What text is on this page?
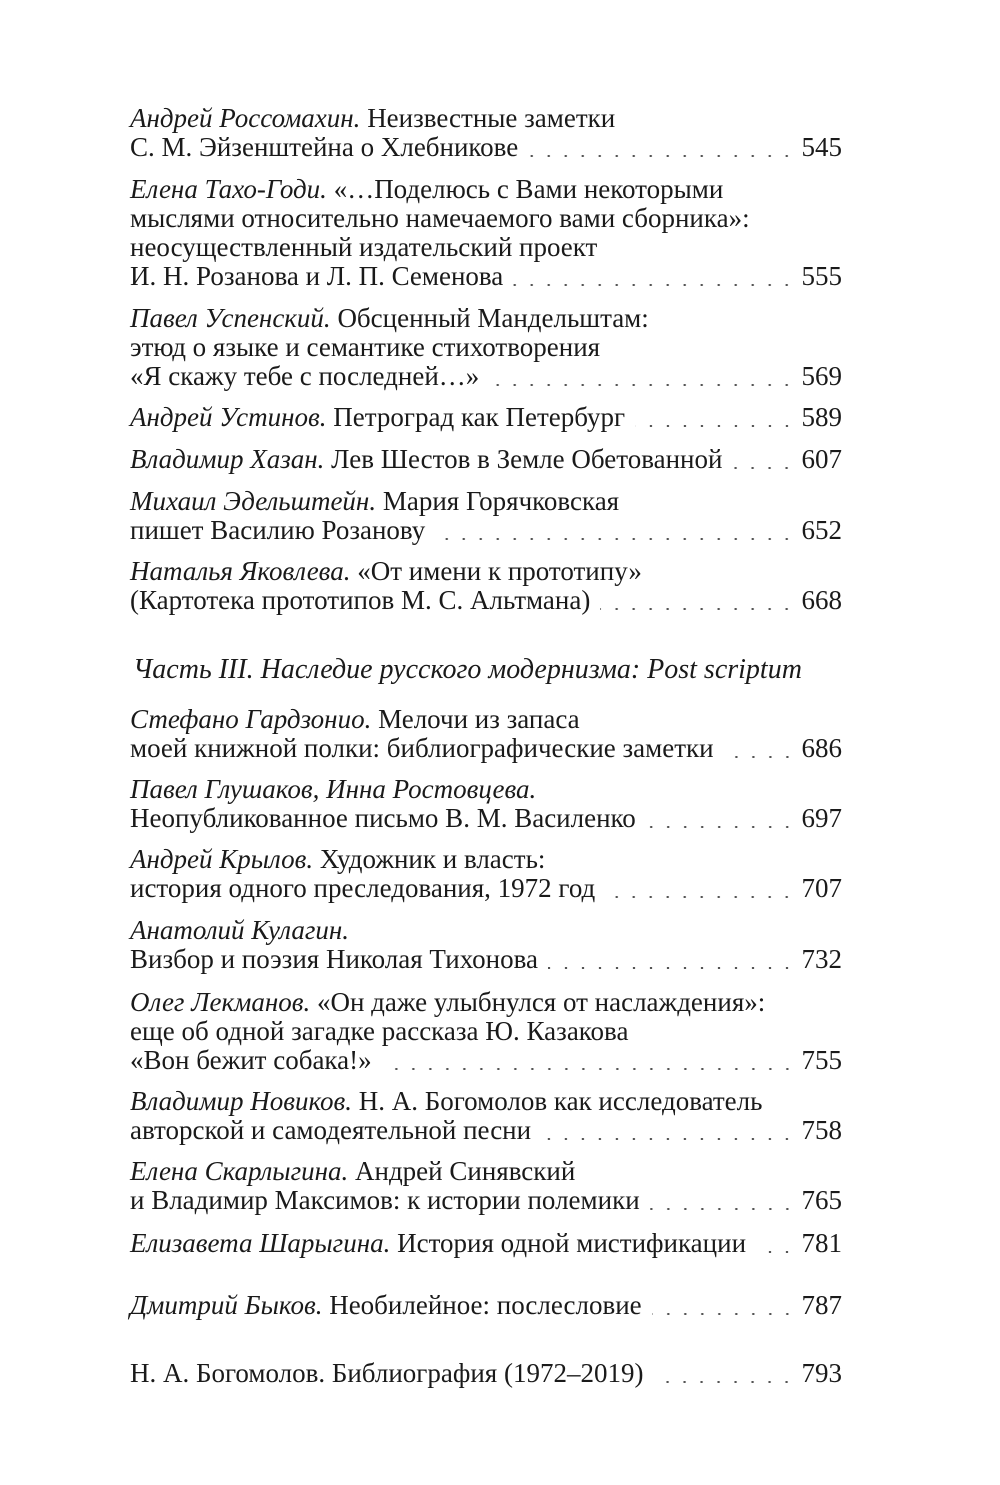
Андрей Россомахин. Неизвестные заметки
С. М. Эйзенштейна о Хлебникове	545
Елена Тахо-Годи. «…Поделюсь с Вами некоторыми
мыслями относительно намечаемого вами сборника»:
неосуществленный издательский проект
И. Н. Розанова и Л. П. Семенова	555
Павел Успенский. Обсценный Мандельштам:
этюд о языке и семантике стихотворения
«Я скажу тебе с последней…»	569
Андрей Устинов. Петроград как Петербург	589
Владимир Хазан. Лев Шестов в Земле Обетованной	607
Михаил Эдельштейн. Мария Горячковская
пишет Василию Розанову	652
Наталья Яковлева. «От имени к прототипу»
(Картотека прототипов М. С. Альтмана)	668
Часть III. Наследие русского модернизма: Post scriptum
Стефано Гардзонио. Мелочи из запаса
моей книжной полки: библиографические заметки	686
Павел Глушаков, Инна Ростовцева.
Неопубликованное письмо В. М. Василенко	697
Андрей Крылов. Художник и власть:
история одного преследования, 1972 год	707
Анатолий Кулагин.
Визбор и поэзия Николая Тихонова	732
Олег Лекманов. «Он даже улыбнулся от наслаждения»:
еще об одной загадке рассказа Ю. Казакова
«Вон бежит собака!»	755
Владимир Новиков. Н. А. Богомолов как исследователь
авторской и самодеятельной песни	758
Елена Скарлыгина. Андрей Синявский
и Владимир Максимов: к истории полемики	765
Елизавета Шарыгина. История одной мистификации 781
Дмитрий Быков. Необилейное: послесловие	787
Н. А. Богомолов. Библиография (1972–2019)	793
